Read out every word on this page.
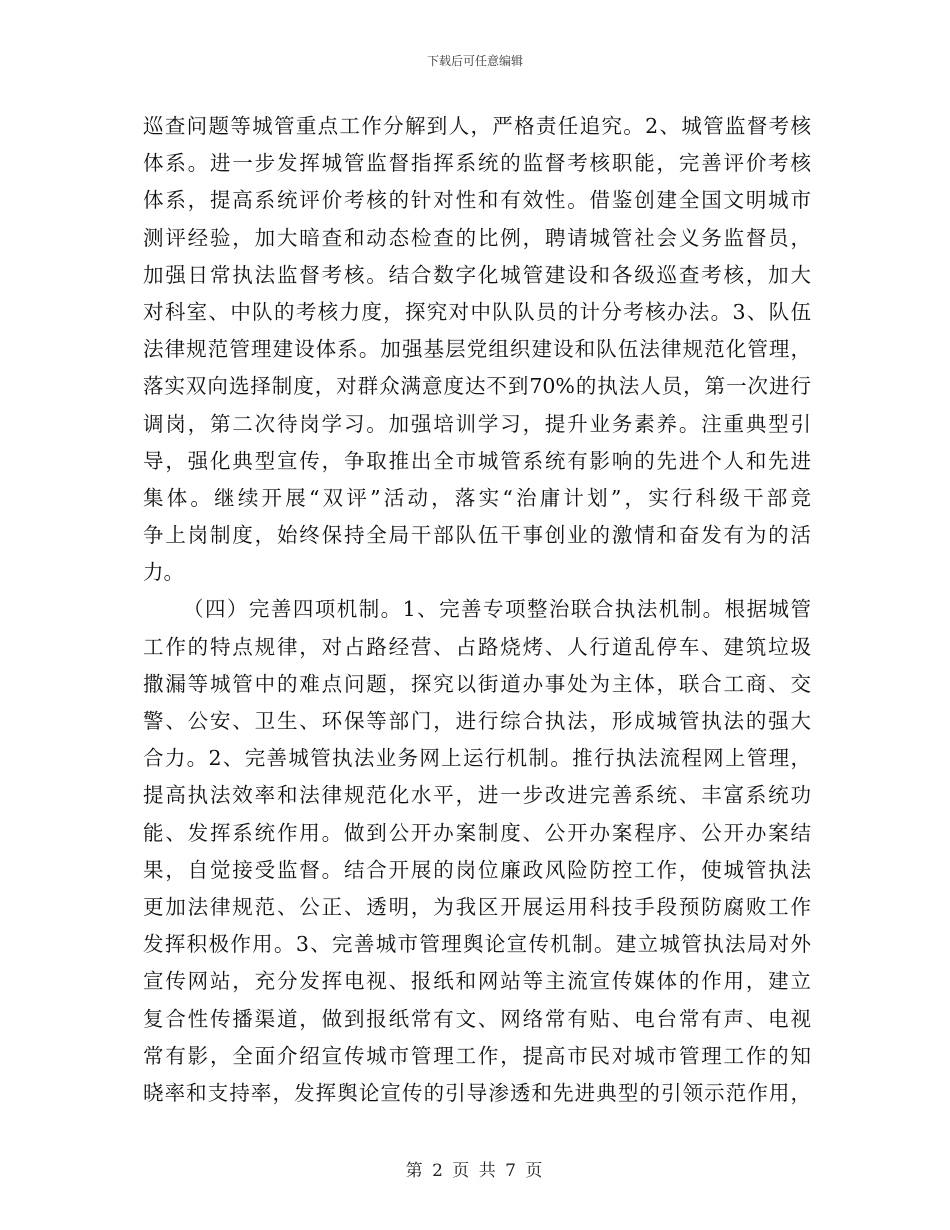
下载后可任意编辑
巡查问题等城管重点工作分解到人，严格责任追究。2、城管监督考核
体系。进一步发挥城管监督指挥系统的监督考核职能，完善评价考核
体系，提高系统评价考核的针对性和有效性。借鉴创建全国文明城市
测评经验，加大暗查和动态检查的比例，聘请城管社会义务监督员，
加强日常执法监督考核。结合数字化城管建设和各级巡查考核，加大
对科室、中队的考核力度，探究对中队队员的计分考核办法。3、队伍
法律规范管理建设体系。加强基层党组织建设和队伍法律规范化管理，
落实双向选择制度，对群众满意度达不到70%的执法人员，第一次进行
调岗，第二次待岗学习。加强培训学习，提升业务素养。注重典型引
导，强化典型宣传，争取推出全市城管系统有影响的先进个人和先进
集体。继续开展“双评”活动，落实“治庸计划”，实行科级干部竞
争上岗制度，始终保持全局干部队伍干事创业的激情和奋发有为的活
力。
（四）完善四项机制。1、完善专项整治联合执法机制。根据城管
工作的特点规律，对占路经营、占路烧烤、人行道乱停车、建筑垃圾
撒漏等城管中的难点问题，探究以街道办事处为主体，联合工商、交
警、公安、卫生、环保等部门，进行综合执法，形成城管执法的强大
合力。2、完善城管执法业务网上运行机制。推行执法流程网上管理，
提高执法效率和法律规范化水平，进一步改进完善系统、丰富系统功
能、发挥系统作用。做到公开办案制度、公开办案程序、公开办案结
果，自觉接受监督。结合开展的岗位廉政风险防控工作，使城管执法
更加法律规范、公正、透明，为我区开展运用科技手段预防腐败工作
发挥积极作用。3、完善城市管理舆论宣传机制。建立城管执法局对外
宣传网站，充分发挥电视、报纸和网站等主流宣传媒体的作用，建立
复合性传播渠道，做到报纸常有文、网络常有贴、电台常有声、电视
常有影，全面介绍宣传城市管理工作，提高市民对城市管理工作的知
晓率和支持率，发挥舆论宣传的引导渗透和先进典型的引领示范作用，
第 2 页 共 7 页
